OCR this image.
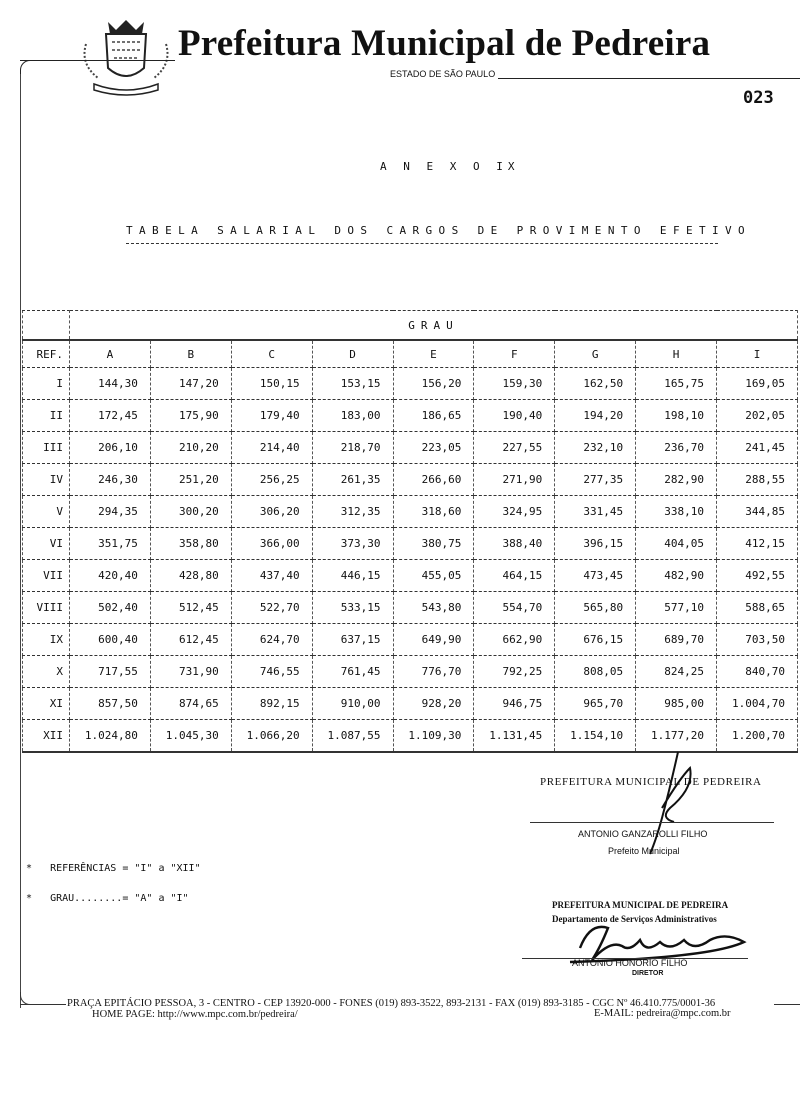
Prefeitura Municipal de Pedreira
ESTADO DE SÃO PAULO
023
A N E X O IX
TABELA SALARIAL DOS CARGOS DE PROVIMENTO EFETIVO
	GRAU								
REF.	A	B	C	D	E	F	G	H	I
I	144,30	147,20	150,15	153,15	156,20	159,30	162,50	165,75	169,05
II	172,45	175,90	179,40	183,00	186,65	190,40	194,20	198,10	202,05
III	206,10	210,20	214,40	218,70	223,05	227,55	232,10	236,70	241,45
IV	246,30	251,20	256,25	261,35	266,60	271,90	277,35	282,90	288,55
V	294,35	300,20	306,20	312,35	318,60	324,95	331,45	338,10	344,85
VI	351,75	358,80	366,00	373,30	380,75	388,40	396,15	404,05	412,15
VII	420,40	428,80	437,40	446,15	455,05	464,15	473,45	482,90	492,55
VIII	502,40	512,45	522,70	533,15	543,80	554,70	565,80	577,10	588,65
IX	600,40	612,45	624,70	637,15	649,90	662,90	676,15	689,70	703,50
X	717,55	731,90	746,55	761,45	776,70	792,25	808,05	824,25	840,70
XI	857,50	874,65	892,15	910,00	928,20	946,75	965,70	985,00	1.004,70
XII	1.024,80	1.045,30	1.066,20	1.087,55	1.109,30	1.131,45	1.154,10	1.177,20	1.200,70
PREFEITURA MUNICIPAL DE PEDREIRA
ANTONIO GANZAROLLI FILHO
Prefeito Municipal
*   REFERÊNCIAS = "I" a "XII"
*   GRAU........= "A" a "I"
PREFEITURA MUNICIPAL DE PEDREIRA
Departamento de Serviços Administrativos
ANTONIO HONORIO FILHO
DIRETOR
PRAÇA EPITÁCIO PESSOA, 3 - CENTRO - CEP 13920-000 - FONES (019) 893-3522, 893-2131 - FAX (019) 893-3185 - CGC Nº 46.410.775/0001-36
HOME PAGE: http://www.mpc.com.br/pedreira/	E-MAIL: pedreira@mpc.com.br
